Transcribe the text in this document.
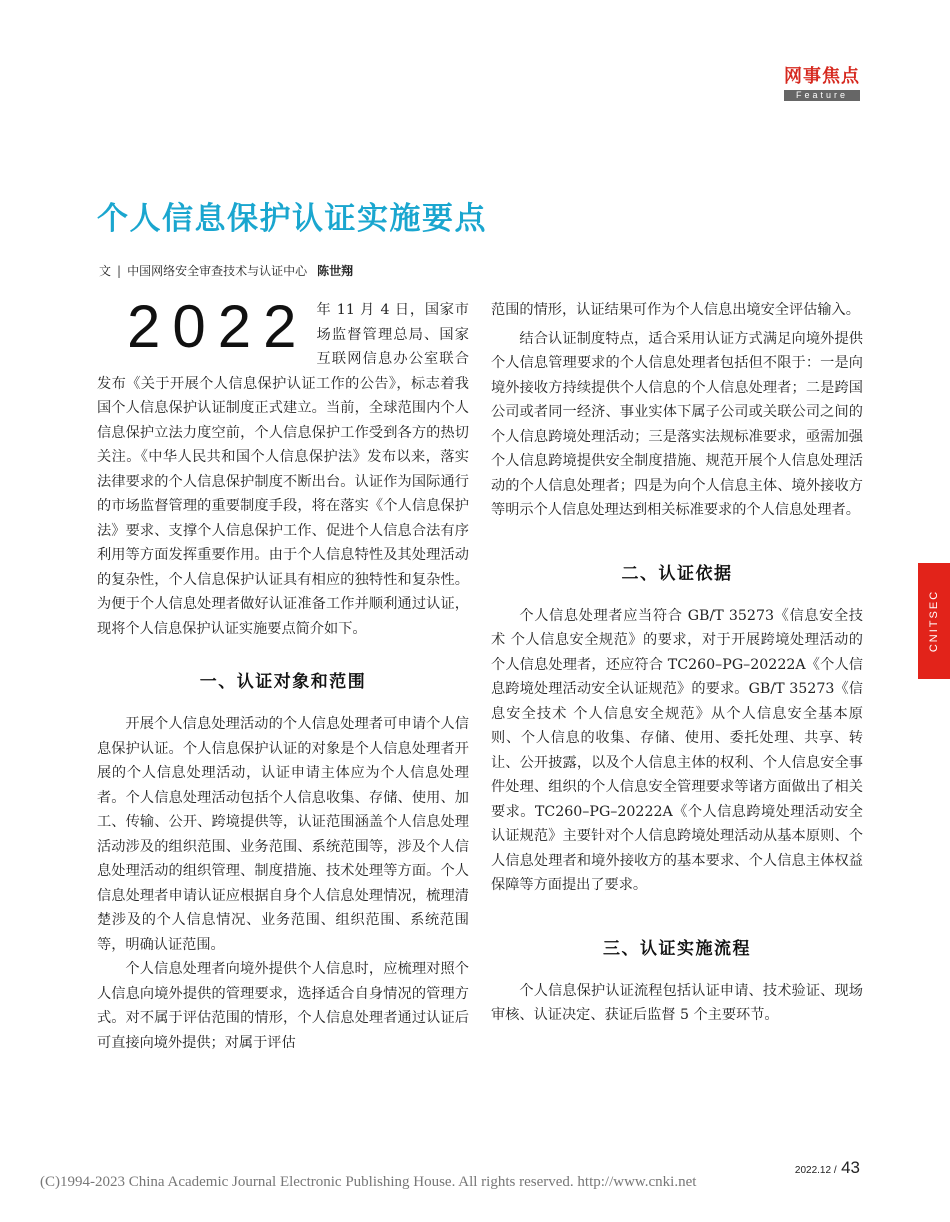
网事焦点
Feature
个人信息保护认证实施要点
文 | 中国网络安全审查技术与认证中心 陈世翔

2022 年 11 月 4 日，国家市场监督管理总局、国家互联网信息办公室联合发布《关于开展个人信息保护认证工作的公告》，标志着我国个人信息保护认证制度正式建立。当前，全球范围内个人信息保护立法力度空前，个人信息保护工作受到各方的热切关注。《中华人民共和国个人信息保护法》发布以来，落实法律要求的个人信息保护制度不断出台。认证作为国际通行的市场监督管理的重要制度手段，将在落实《个人信息保护法》要求、支撑个人信息保护工作、促进个人信息合法有序利用等方面发挥重要作用。由于个人信息特性及其处理活动的复杂性，个人信息保护认证具有相应的独特性和复杂性。为便于个人信息处理者做好认证准备工作并顺利通过认证，现将个人信息保护认证实施要点简介如下。

一、认证对象和范围

开展个人信息处理活动的个人信息处理者可申请个人信息保护认证。个人信息保护认证的对象是个人信息处理者开展的个人信息处理活动，认证申请主体应为个人信息处理者。个人信息处理活动包括个人信息收集、存储、使用、加工、传输、公开、跨境提供等，认证范围涵盖个人信息处理活动涉及的组织范围、业务范围、系统范围等，涉及个人信息处理活动的组织管理、制度措施、技术处理等方面。个人信息处理者申请认证应根据自身个人信息处理情况，梳理清楚涉及的个人信息情况、业务范围、组织范围、系统范围等，明确认证范围。

个人信息处理者向境外提供个人信息时，应梳理对照个人信息向境外提供的管理要求，选择适合自身情况的管理方式。对不属于评估范围的情形，个人信息处理者通过认证后可直接向境外提供；对属于评估

范围的情形，认证结果可作为个人信息出境安全评估输入。

结合认证制度特点，适合采用认证方式满足向境外提供个人信息管理要求的个人信息处理者包括但不限于：一是向境外接收方持续提供个人信息的个人信息处理者；二是跨国公司或者同一经济、事业实体下属子公司或关联公司之间的个人信息跨境处理活动；三是落实法规标准要求，亟需加强个人信息跨境提供安全制度措施、规范开展个人信息处理活动的个人信息处理者；四是为向个人信息主体、境外接收方等明示个人信息处理达到相关标准要求的个人信息处理者。

二、认证依据

个人信息处理者应当符合 GB/T 35273《信息安全技术 个人信息安全规范》的要求，对于开展跨境处理活动的个人信息处理者，还应符合 TC260–PG–20222A《个人信息跨境处理活动安全认证规范》的要求。GB/T 35273《信息安全技术 个人信息安全规范》从个人信息安全基本原则、个人信息的收集、存储、使用、委托处理、共享、转让、公开披露，以及个人信息主体的权利、个人信息安全事件处理、组织的个人信息安全管理要求等诸方面做出了相关要求。TC260–PG–20222A《个人信息跨境处理活动安全认证规范》主要针对个人信息跨境处理活动从基本原则、个人信息处理者和境外接收方的基本要求、个人信息主体权益保障等方面提出了要求。

三、认证实施流程

个人信息保护认证流程包括认证申请、技术验证、现场审核、认证决定、获证后监督 5 个主要环节。

CNITSEC
2022.12 / 43
(C)1994-2023 China Academic Journal Electronic Publishing House. All rights reserved. http://www.cnki.net
